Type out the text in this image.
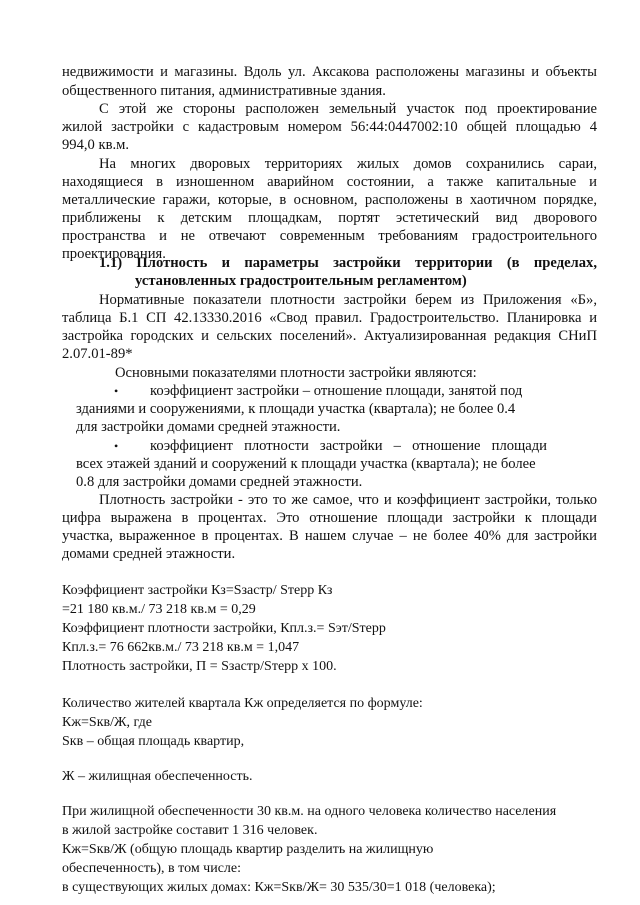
недвижимости и магазины. Вдоль ул. Аксакова расположены магазины и объекты

общественного питания, административные здания.

С этой же стороны расположен земельный участок под проектирование

жилой застройки с кадастровым номером 56:44:0447002:10 общей площадью 4

994,0 кв.м.

На многих дворовых территориях жилых домов сохранились сараи,

находящиеся в изношенном аварийном состоянии, а также капитальные и

металлические гаражи, которые, в основном, расположены в хаотичном порядке,

приближены к детским площадкам, портят эстетический вид дворового

пространства и не отвечают современным требованиям градостроительного

проектирования.

1.1) Плотность и параметры застройки территории (в пределах,

установленных градостроительным регламентом)

Нормативные показатели плотности застройки берем из Приложения «Б»,

таблица Б.1 СП 42.13330.2016 «Свод правил. Градостроительство. Планировка и

застройка городских и сельских поселений». Актуализированная редакция СНиП

2.07.01-89*

Основными показателями плотности застройки являются:

• коэффициент застройки – отношение площади, занятой под

зданиями и сооружениями, к площади участка (квартала); не более 0.4

для застройки домами средней этажности.

• коэффициент плотности застройки – отношение площади

всех этажей зданий и сооружений к площади участка (квартала); не более

0.8 для застройки домами средней этажности.

Плотность застройки - это то же самое, что и коэффициент застройки, только

цифра выражена в процентах. Это отношение площади застройки к площади

участка, выраженное в процентах. В нашем случае – не более 40% для застройки

домами средней этажности.

Коэффициент застройки Кз=Sзастр/ Sтерр Кз

=21 180 кв.м./ 73 218 кв.м = 0,29

Коэффициент плотности застройки, Кпл.з.= Sэт/Sтерр

Кпл.з.= 76 662кв.м./ 73 218 кв.м = 1,047

Плотность застройки, П = Sзастр/Sтерр х 100.

Количество жителей квартала Кж определяется по формуле:

Кж=Sкв/Ж, где

Sкв – общая площадь квартир,

Ж – жилищная обеспеченность.

При жилищной обеспеченности 30 кв.м. на одного человека количество населения

в жилой застройке составит 1 316 человек.

Кж=Sкв/Ж (общую площадь квартир разделить на жилищную

обеспеченность), в том числе:

в существующих жилых домах: Кж=Sкв/Ж= 30 535/30=1 018 (человека);
